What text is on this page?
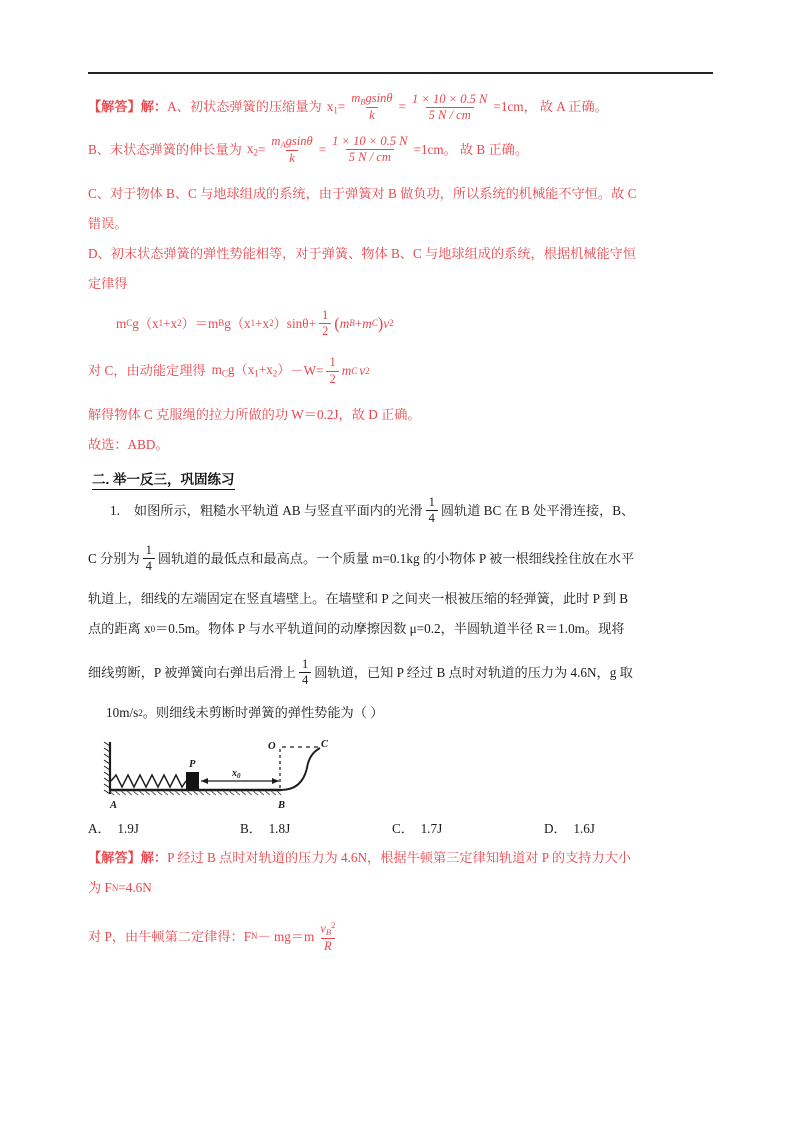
【解答】解： A、初状态弹簧的压缩量为 $x1 = \frac{m_Bgsin\theta}{k} = \frac{1 \times 10 \times 0.5 N}{5 N / cm} =1cm$， 故 A 正确。
B、末状态弹簧的伸长量为 $x2 = \frac{m_Agsin\theta}{k} = \frac{1 \times 10 \times 0.5 N}{5 N / cm} =1cm$。 故 B 正确。

C、对于物体 B、C 与地球组成的系统，由于弹簧对 B 做负功，所以系统的机械能不守恒。故 C

错误。

D、初末状态弹簧的弹性势能相等，对于弹簧、物体 B、C 与地球组成的系统，根据机械能守恒

定律得

m C g（x 1 +x 2 ）＝m B g（x 1 +x 2 ）$\sin\theta+ \frac{1}{2}$ ( m B + m C ) v 2
对 C，由动能定理得 $mCg(x1+x2) -W= \frac{1}{2}$ m C v 2

解得物体 C 克服绳的拉力所做的功 W＝0.2J，故 D 正确。

故选：ABD。

二. 举一反三，巩固练习
1. 如图所示，粗糙水平轨道 AB 与竖直平面内的光滑 $\frac{1}{4}$ 圆轨道 BC 在 B 处平滑连接，B、
C 分别为 $\frac{1}{4}$ 圆轨道的最低点和最高点。一个质量 m=0.1kg 的小物体 P 被一根细线拴住放在水平

轨道上，细线的左端固定在竖直墙壁上。在墙壁和 P 之间夹一根被压缩的轻弹簧，此时 P 到 B

点的距离 x 0 ＝0.5m。物体 P 与水平轨道间的动摩擦因数 μ=0.2，半圆轨道半径 R＝1.0m。现将
细线剪断，P 被弹簧向右弹出后滑上 $\frac{1}{4}$ 圆轨道，已知 P 经过 B 点时对轨道的压力为 4.6N，g 取
10m/s 2 。则细线未剪断时弹簧的弹性势能为（ ）
P
$x_0$
A	B
O	C
A． 1.9J	B． 1.8J	C． 1.7J	D． 1.6J
【解答】解： P 经过 B 点时对轨道的压力为 4.6N，根据牛顿第三定律知轨道对 P 的支持力大小
为 F N =4.6N
对 P，由牛顿第二定律得：F $N - mg=m \frac{v_B^2}{R}$
